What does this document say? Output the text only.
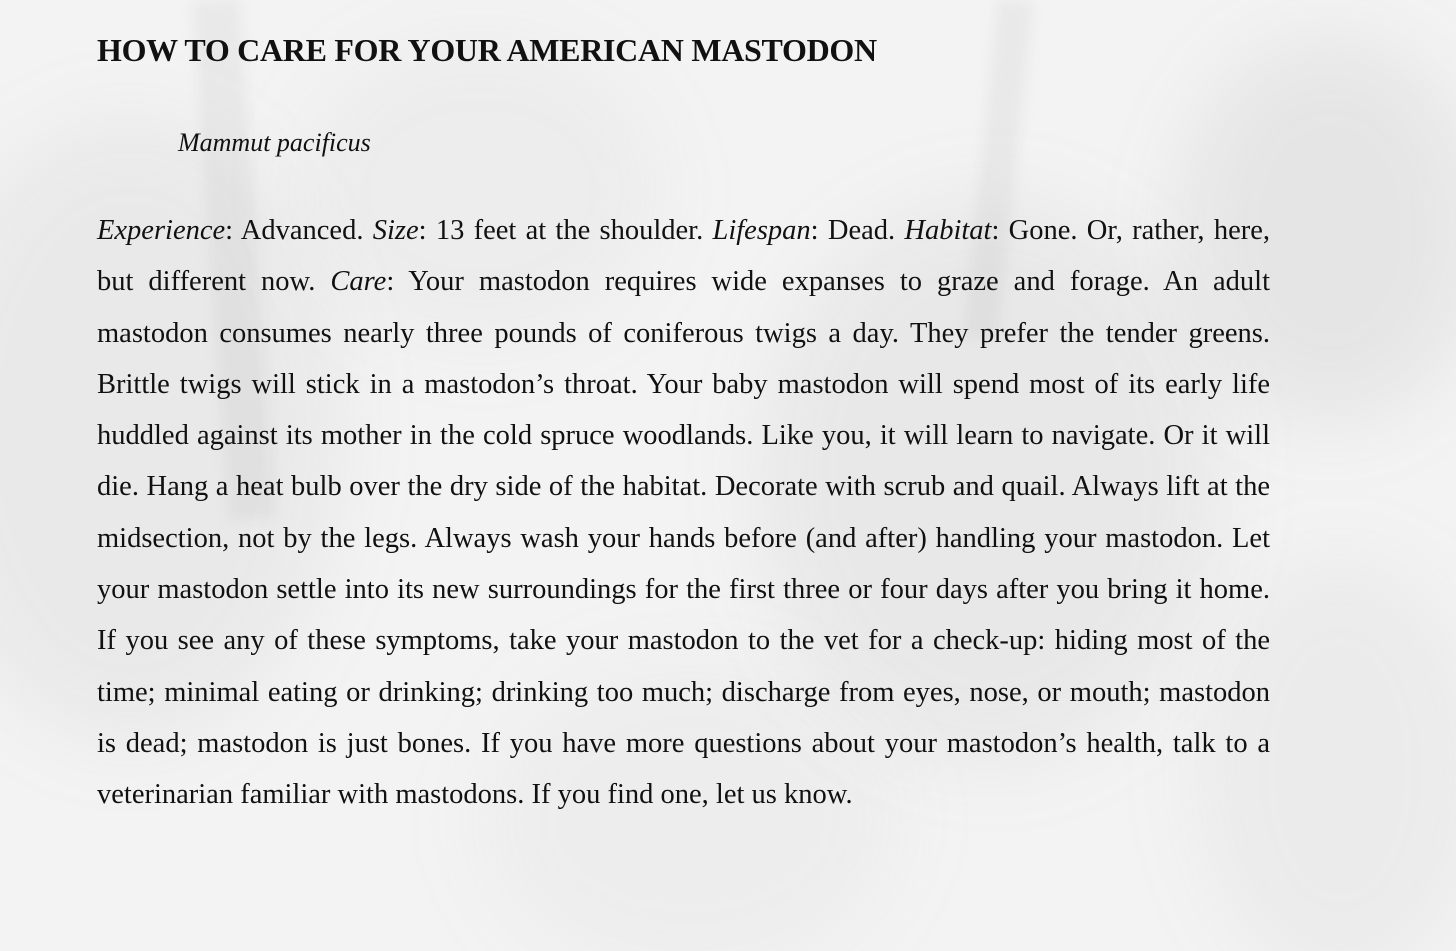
HOW TO CARE FOR YOUR AMERICAN MASTODON

Mammut pacificus

Experience: Advanced. Size: 13 feet at the shoulder. Lifespan: Dead. Habitat: Gone. Or, rather, here, but different now. Care: Your mastodon requires wide expanses to graze and forage. An adult mastodon consumes nearly three pounds of coniferous twigs a day. They prefer the tender greens. Brittle twigs will stick in a mastodon’s throat. Your baby mastodon will spend most of its early life huddled against its mother in the cold spruce woodlands. Like you, it will learn to navigate. Or it will die. Hang a heat bulb over the dry side of the habitat. Decorate with scrub and quail. Always lift at the midsection, not by the legs. Always wash your hands before (and after) handling your mastodon. Let your mastodon settle into its new surroundings for the first three or four days after you bring it home. If you see any of these symptoms, take your mastodon to the vet for a check-up: hiding most of the time; minimal eating or drinking; drinking too much; discharge from eyes, nose, or mouth; mastodon is dead; mastodon is just bones. If you have more questions about your mastodon’s health, talk to a veterinarian familiar with mastodons. If you find one, let us know.
